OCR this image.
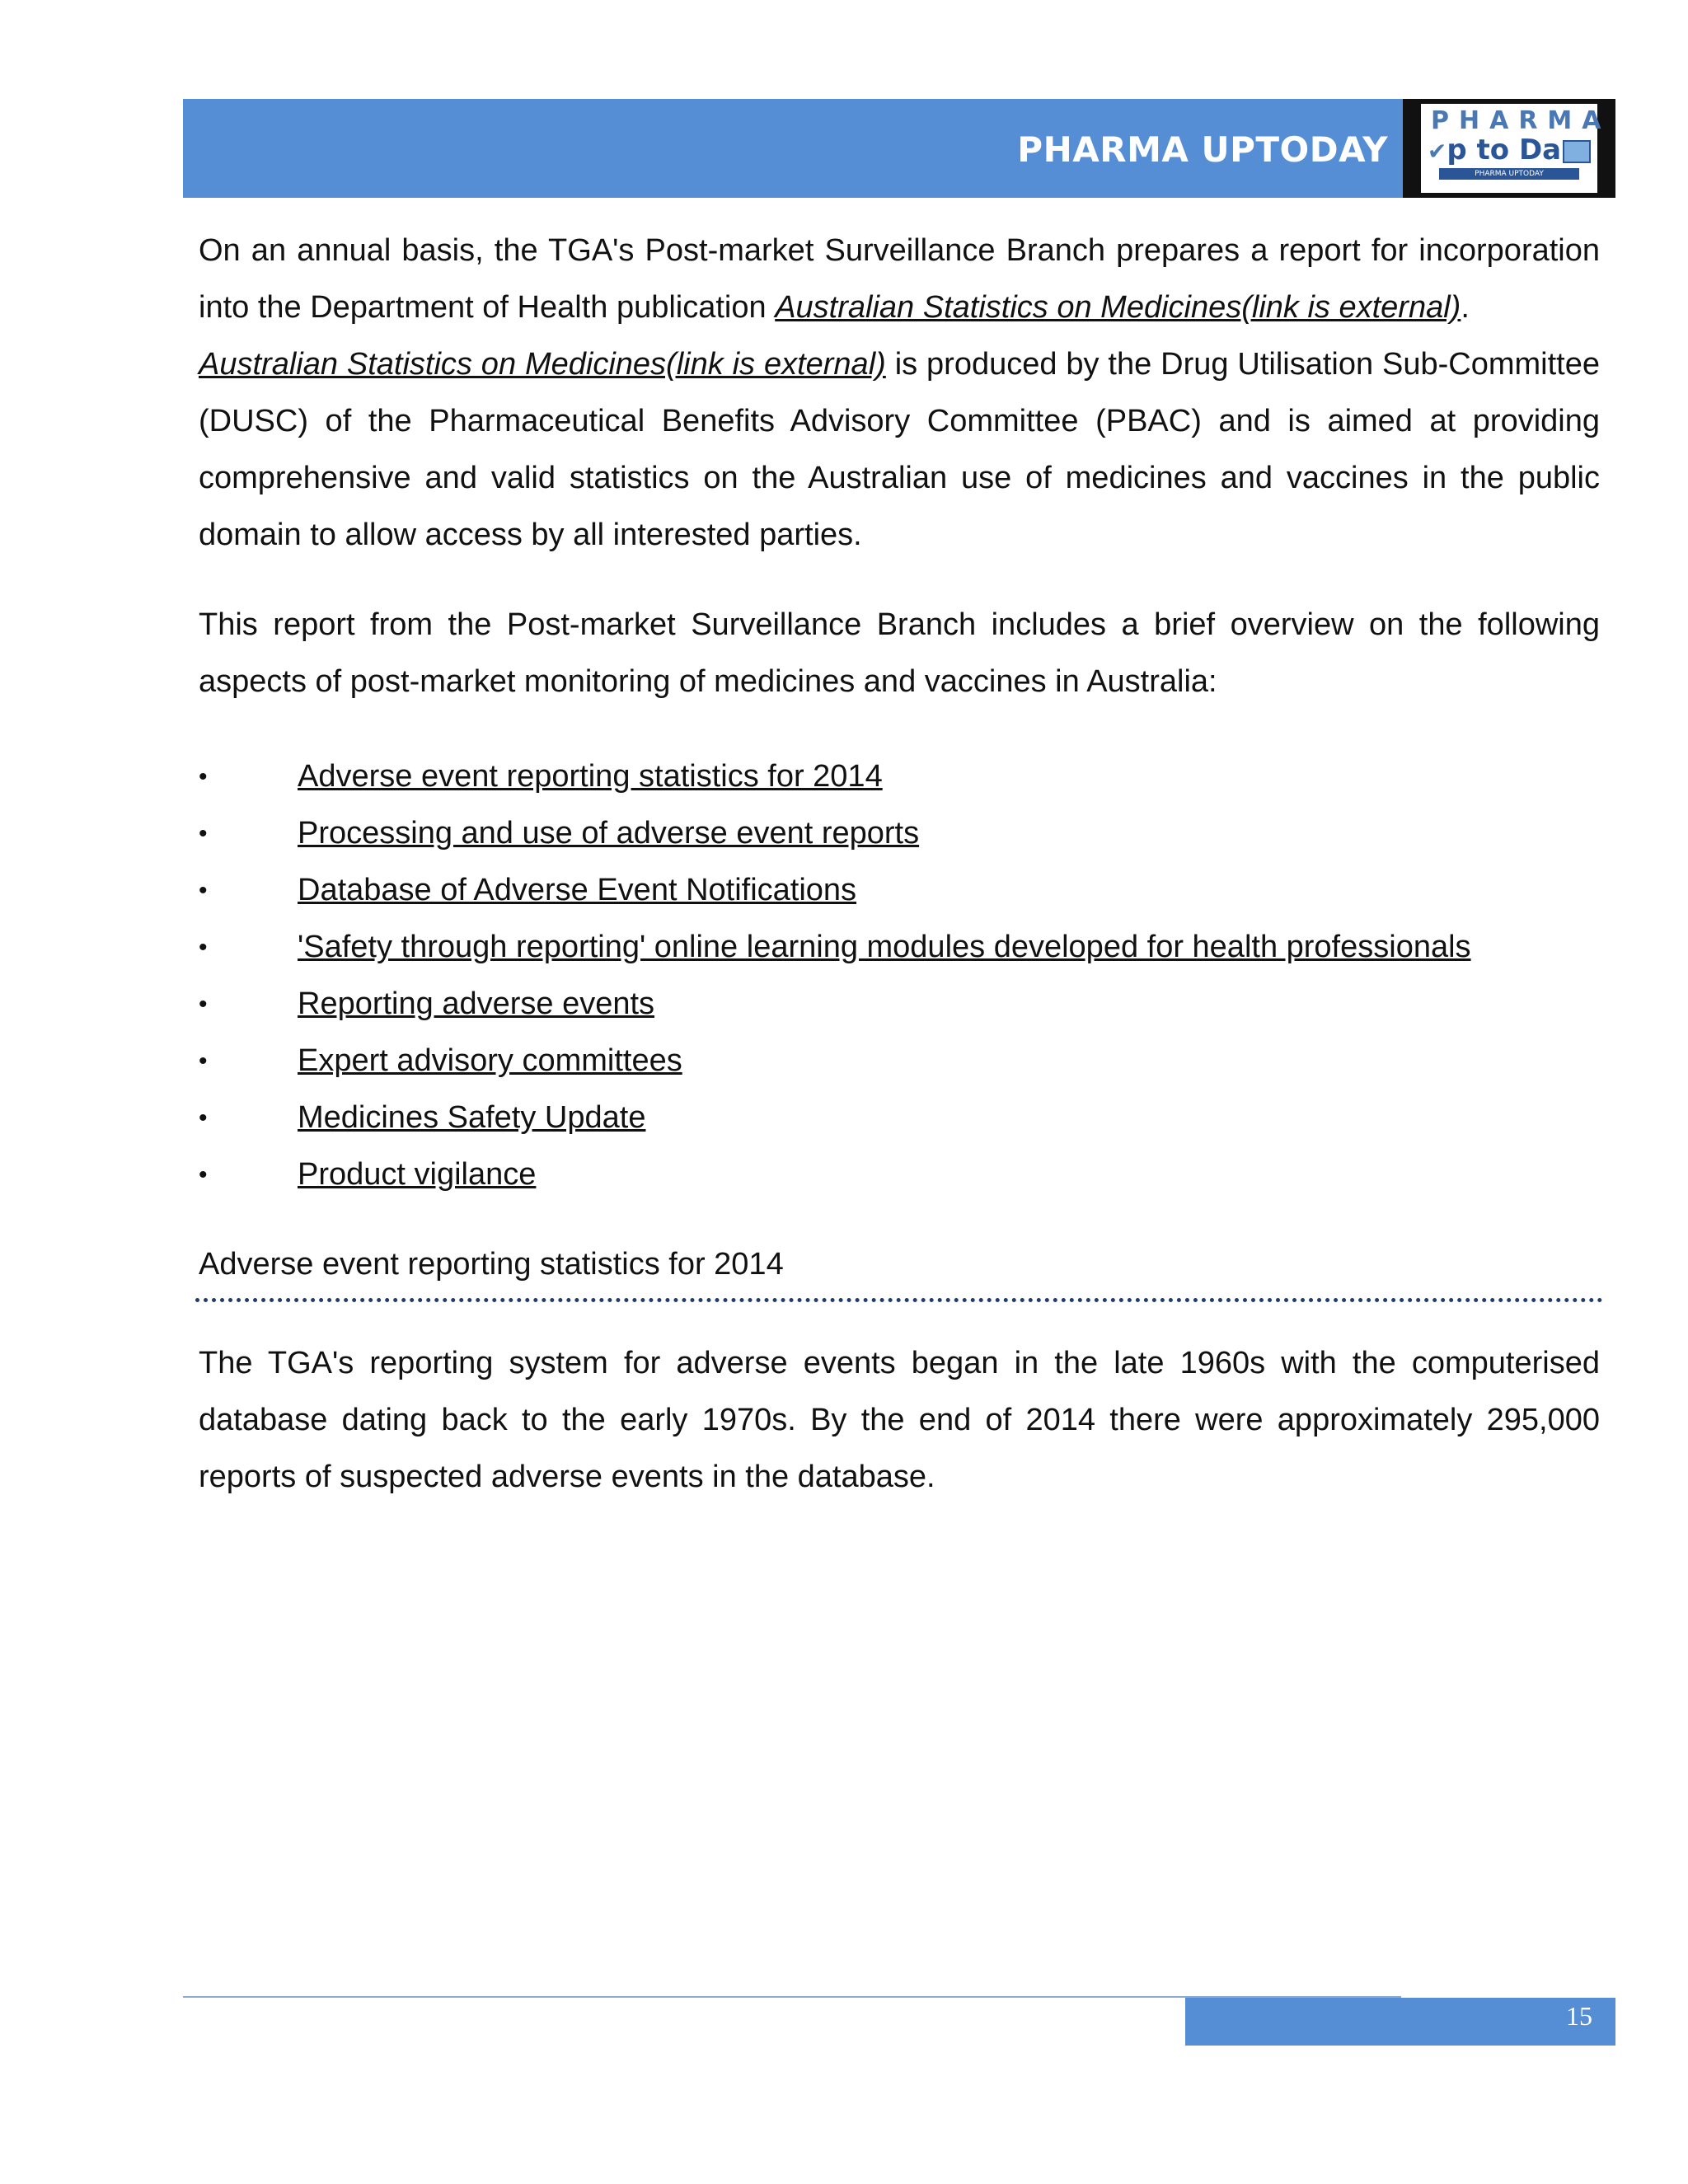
PHARMA UPTODAY
PHARMA
✔p to Da
PHARMA UPTODAY

On an annual basis, the TGA's Post-market Surveillance Branch prepares a report for incorporation into the Department of Health publication Australian Statistics on Medicines(link is external).

Australian Statistics on Medicines(link is external) is produced by the Drug Utilisation Sub-Committee (DUSC) of the Pharmaceutical Benefits Advisory Committee (PBAC) and is aimed at providing comprehensive and valid statistics on the Australian use of medicines and vaccines in the public domain to allow access by all interested parties.

This report from the Post-market Surveillance Branch includes a brief overview on the following aspects of post-market monitoring of medicines and vaccines in Australia:

•	Adverse event reporting statistics for 2014
•	Processing and use of adverse event reports
•	Database of Adverse Event Notifications
•	'Safety through reporting' online learning modules developed for health professionals
•	Reporting adverse events
•	Expert advisory committees
•	Medicines Safety Update
•	Product vigilance
Adverse event reporting statistics for 2014

The TGA's reporting system for adverse events began in the late 1960s with the computerised database dating back to the early 1970s. By the end of 2014 there were approximately 295,000 reports of suspected adverse events in the database.

15
